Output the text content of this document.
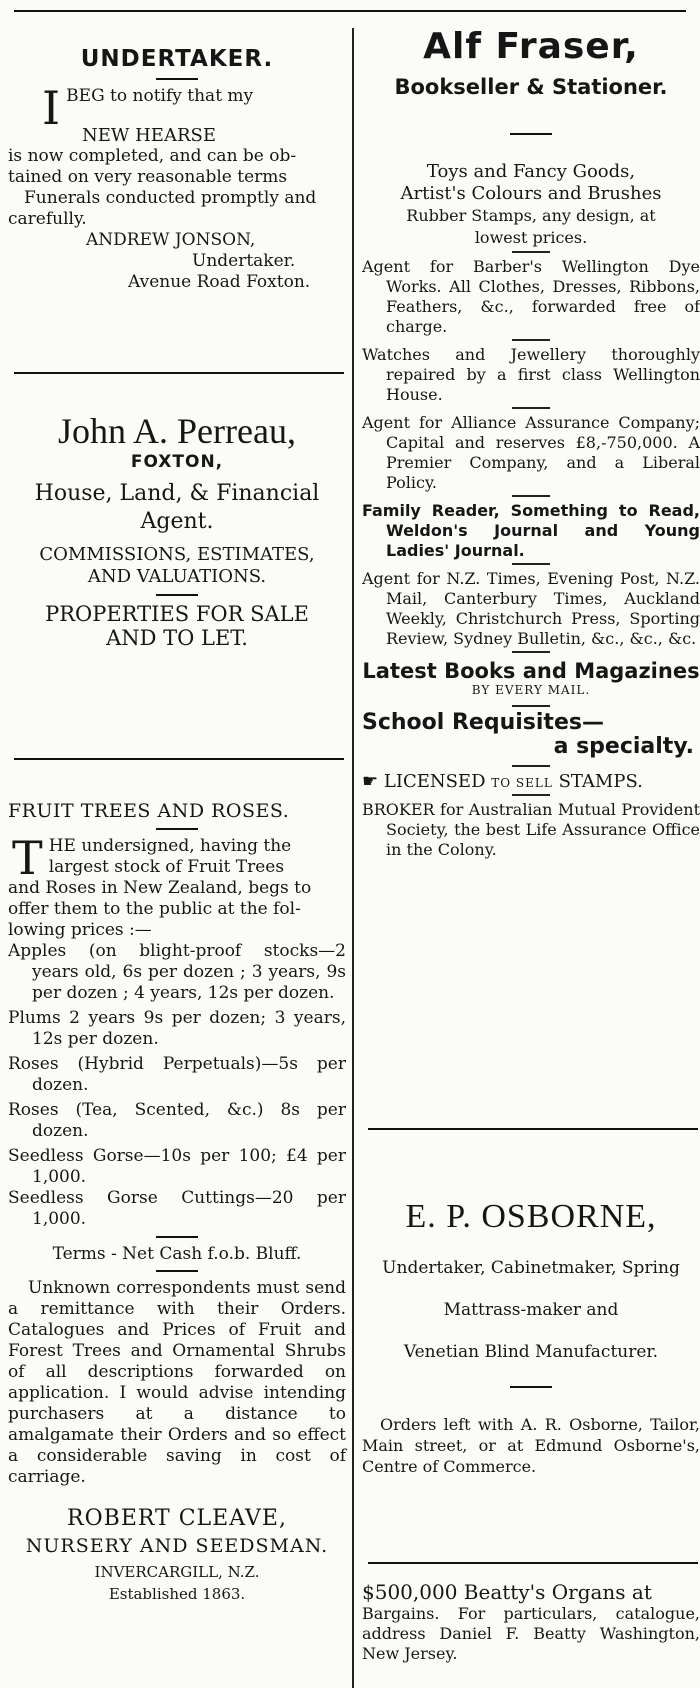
UNDERTAKER.
I BEG to notify that my
NEW HEARSE
is now completed, and can be ob-
tained on very reasonable terms
Funerals conducted promptly and
carefully.
ANDREW JONSON,
Undertaker.
Avenue Road Foxton.
John A. Perreau,
FOXTON,
House, Land, & Financial
Agent.
COMMISSIONS, ESTIMATES,
AND VALUATIONS.
PROPERTIES FOR SALE
AND TO LET.
FRUIT TREES AND ROSES.
T HE undersigned, having the
largest stock of Fruit Trees
and Roses in New Zealand, begs to
offer them to the public at the fol-
lowing prices :—
Apples (on blight-proof stocks—2 years old, 6s per dozen ; 3 years, 9s per dozen ; 4 years, 12s per dozen.
Plums 2 years 9s per dozen; 3 years, 12s per dozen.
Roses (Hybrid Perpetuals)—5s per dozen.
Roses (Tea, Scented, &c.) 8s per dozen.
Seedless Gorse—10s per 100; £4 per 1,000.
Seedless Gorse Cuttings—20 per 1,000.
Terms - Net Cash f.o.b. Bluff.
Unknown correspondents must send a remittance with their Orders. Catalogues and Prices of Fruit and Forest Trees and Ornamental Shrubs of all descriptions forwarded on application. I would advise intending purchasers at a distance to amalgamate their Orders and so effect a considerable saving in cost of carriage.
ROBERT CLEAVE,
NURSERY AND SEEDSMAN.
INVERCARGILL, N.Z.
Established 1863.
Alf Fraser,
Bookseller & Stationer.
Toys and Fancy Goods,
Artist's Colours and Brushes
Rubber Stamps, any design, at
lowest prices.
Agent for Barber's Wellington Dye Works. All Clothes, Dresses, Ribbons, Feathers, &c., forwarded free of charge.
Watches and Jewellery thoroughly repaired by a first class Wellington House.
Agent for Alliance Assurance Company; Capital and reserves £8,-750,000. A Premier Company, and a Liberal Policy.
Family Reader, Something to Read, Weldon's Journal and Young Ladies' Journal.
Agent for N.Z. Times, Evening Post, N.Z. Mail, Canterbury Times, Auckland Weekly, Christchurch Press, Sporting Review, Sydney Bulletin, &c., &c., &c.
Latest Books and Magazines
BY EVERY MAIL.
School Requisites—
a specialty.
☛ LICENSED TO SELL STAMPS.
BROKER for Australian Mutual Provident Society, the best Life Assurance Office in the Colony.
E. P. OSBORNE,
Undertaker, Cabinetmaker, Spring
Mattrass-maker and
Venetian Blind Manufacturer.
Orders left with A. R. Osborne, Tailor, Main street, or at Edmund Osborne's, Centre of Commerce.
$500,000 Beatty's Organs at
Bargains. For particulars, catalogue, address Daniel F. Beatty Washington, New Jersey.
